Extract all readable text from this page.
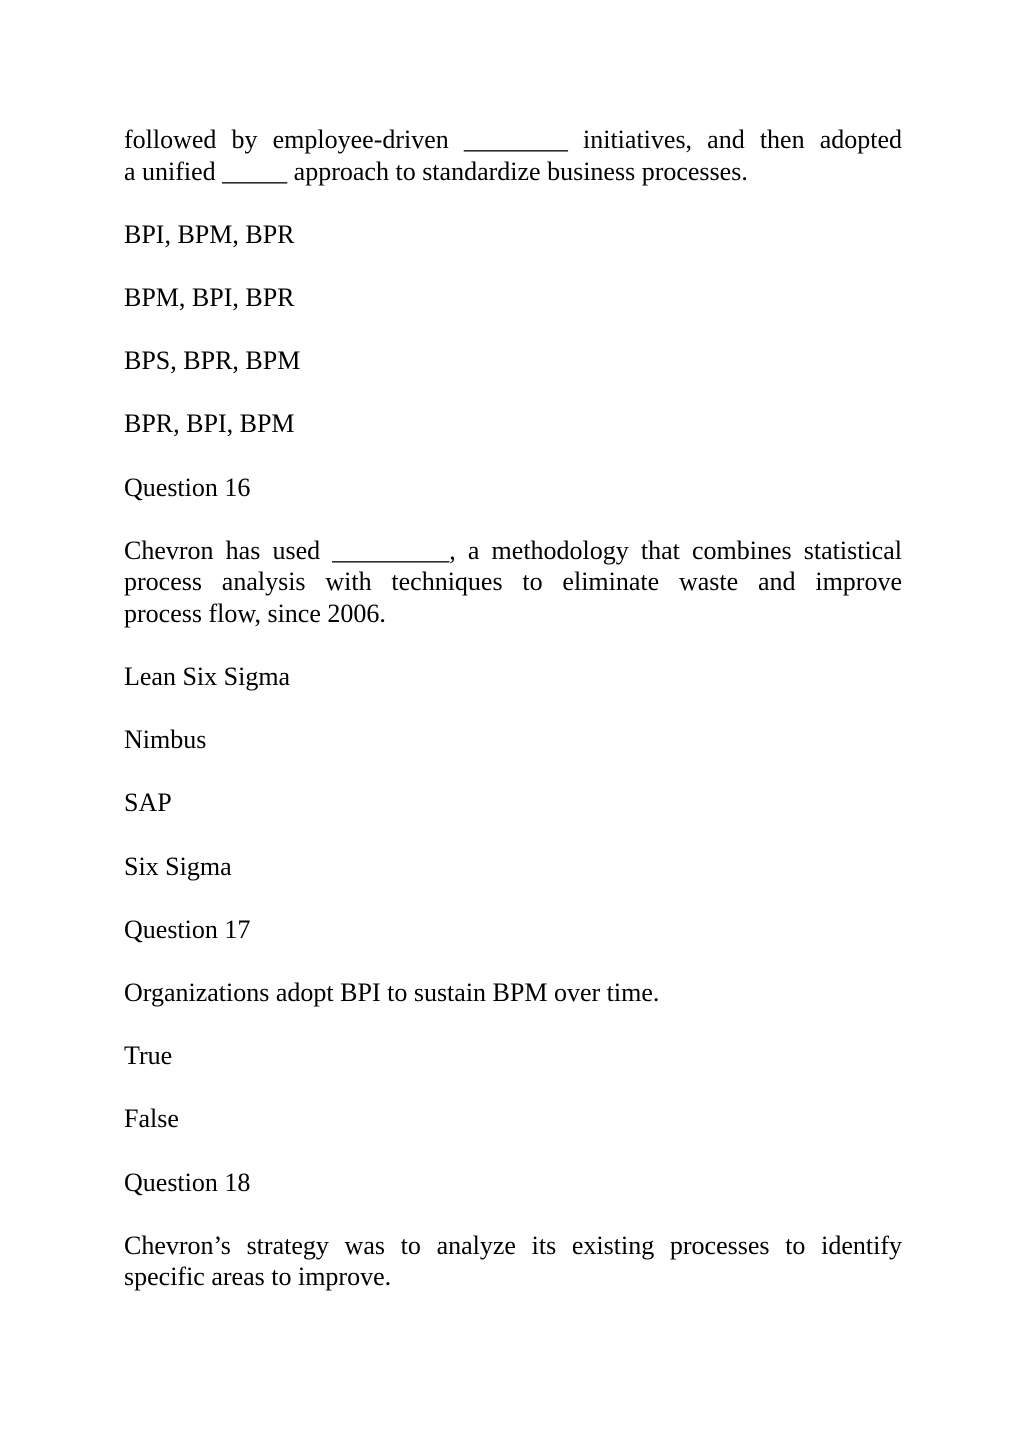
followed by employee-driven ________ initiatives, and then adopted
a unified _____ approach to standardize business processes.

BPI, BPM, BPR

BPM, BPI, BPR

BPS, BPR, BPM

BPR, BPI, BPM

Question 16

Chevron has used _________, a methodology that combines statistical
process analysis with techniques to eliminate waste and improve
process flow, since 2006.

Lean Six Sigma

Nimbus

SAP

Six Sigma

Question 17

Organizations adopt BPI to sustain BPM over time.

True

False

Question 18

Chevron’s strategy was to analyze its existing processes to identify
specific areas to improve.
